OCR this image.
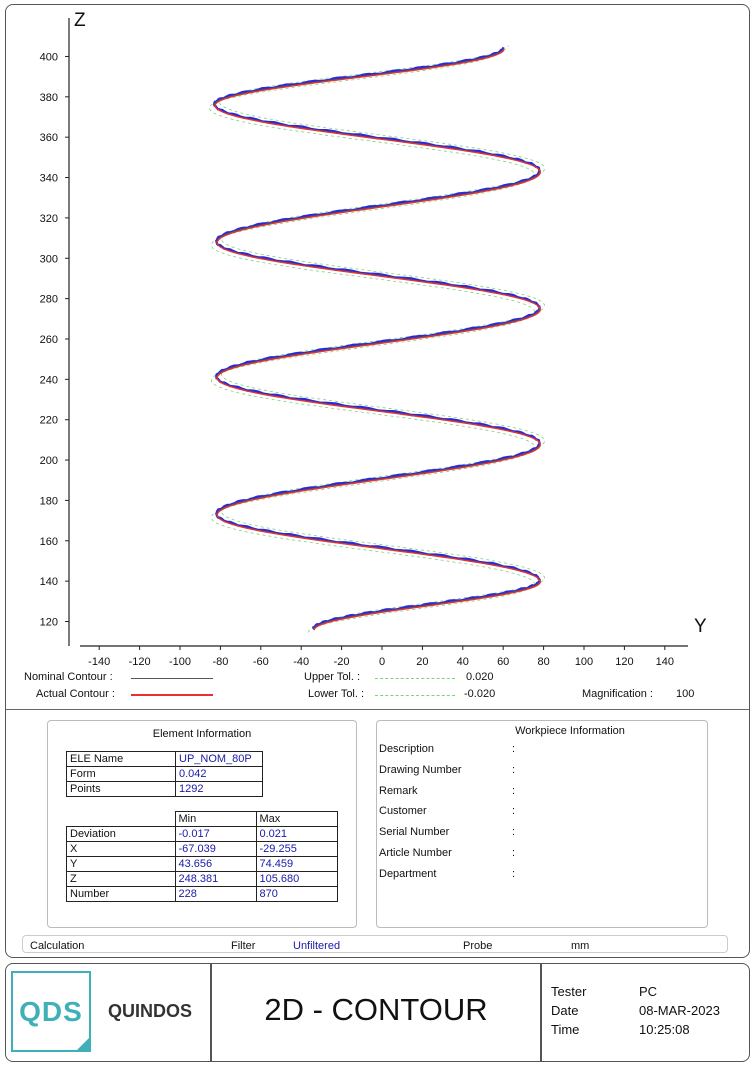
-140 -120 -100 -80 -60 -40 -20	0	20	40	60	80 100 120 140
120
140
160
180
200
220
240
260
280
300
320
340
360
380
400
Z
Y
Nominal Contour :
Actual Contour :
Upper Tol. :	0.020
Lower Tol. :	-0.020	Magnification : 100
Element Information
ELE Name	UP_NOM_80P
Form	0.042
Points	1292
	Min	Max
Deviation	-0.017	0.021
X	-67.039	-29.255
Y	43.656	74.459
Z	248.381	105.680
Number	228	870
Workpiece Information
Description	:
Drawing Number	:
Remark	:
Customer	:
Serial Number	:
Article Number	:
Department	:
Calculation	Filter	Unfiltered	Probe	mm
QDS	QUINDOS	2D - CONTOUR
Tester	PC
Date	08-MAR-2023
Time	10:25:08
